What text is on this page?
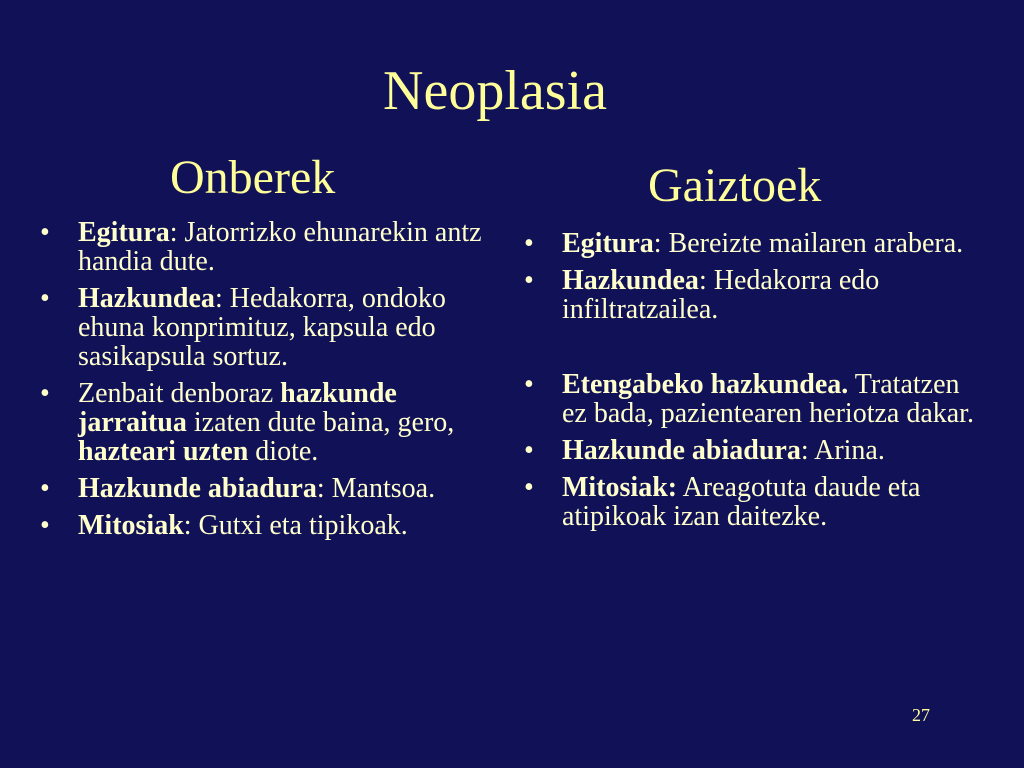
Neoplasia
Onberek	Gaiztoek
• Egitura: Jatorrizko ehunarekin antz handia dute.
• Hazkundea: Hedakorra, ondoko ehuna konprimituz, kapsula edo sasikapsula sortuz.
• Zenbait denboraz hazkunde jarraitua izaten dute baina, gero, hazteari uzten diote.
• Hazkunde abiadura: Mantsoa.
• Mitosiak: Gutxi eta tipikoak.
• Egitura: Bereizte mailaren arabera.
• Hazkundea: Hedakorra edo infiltratzailea.
• Etengabeko hazkundea. Tratatzen ez bada, pazientearen heriotza dakar.
• Hazkunde abiadura: Arina.
• Mitosiak: Areagotuta daude eta atipikoak izan daitezke.
27
